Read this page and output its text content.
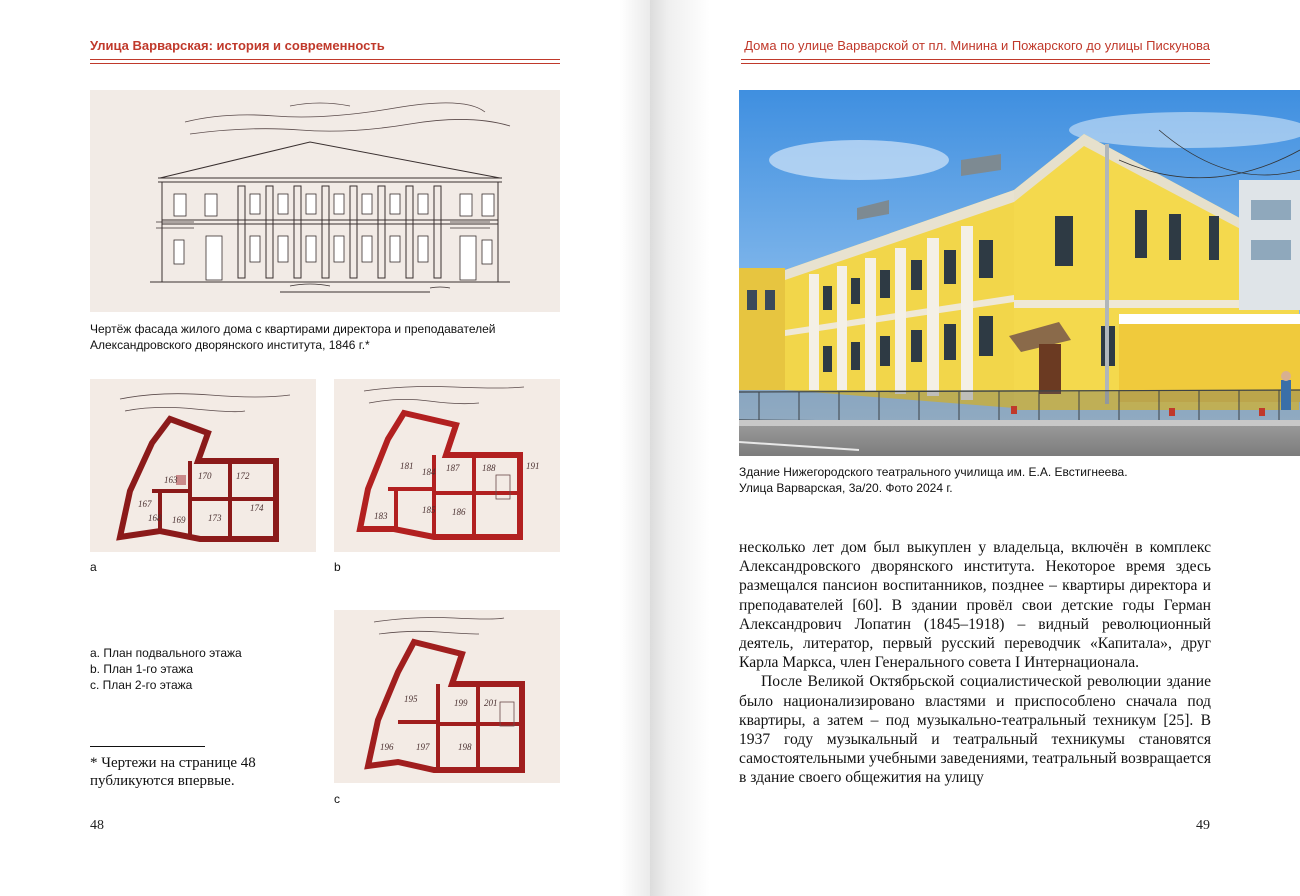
Улица Варварская: история и современность
Чертёж фасада жилого дома с квартирами директора и преподавателей
Александровского дворянского института, 1846 г.*
163
167
168 169
170	172
173
174
a
181
183
184
185 186
187	188	191
b
a. План подвального этажа
b. План 1-го этажа
c. План 2-го этажа
195
196	197	198
199 201
c
* Чертежи на странице 48
публикуются впервые.
48
Дома по улице Варварской от пл. Минина и Пожарского до улицы Пискунова
Здание Нижегородского театрального училища им. Е.А. Евстигнеева.
Улица Варварская, 3а/20. Фото 2024 г.
49

несколько лет дом был выкуплен у владельца, включён в комплекс Александровского дворянского института. Некоторое время здесь размещался пансион воспитанников, позднее – квартиры директора и преподавателей [60]. В здании провёл свои детские годы Герман Александрович Лопатин (1845–1918) – видный революционный деятель, литератор, первый русский переводчик «Капитала», друг Карла Маркса, член Генерального совета I Интернационала.

После Великой Октябрьской социалистической революции здание было национализировано властями и приспособлено сначала под квартиры, а затем – под музыкально-театральный техникум [25]. В 1937 году музыкальный и театральный техникумы становятся самостоятельными учебными заведениями, театральный возвращается в здание своего общежития на улицу
